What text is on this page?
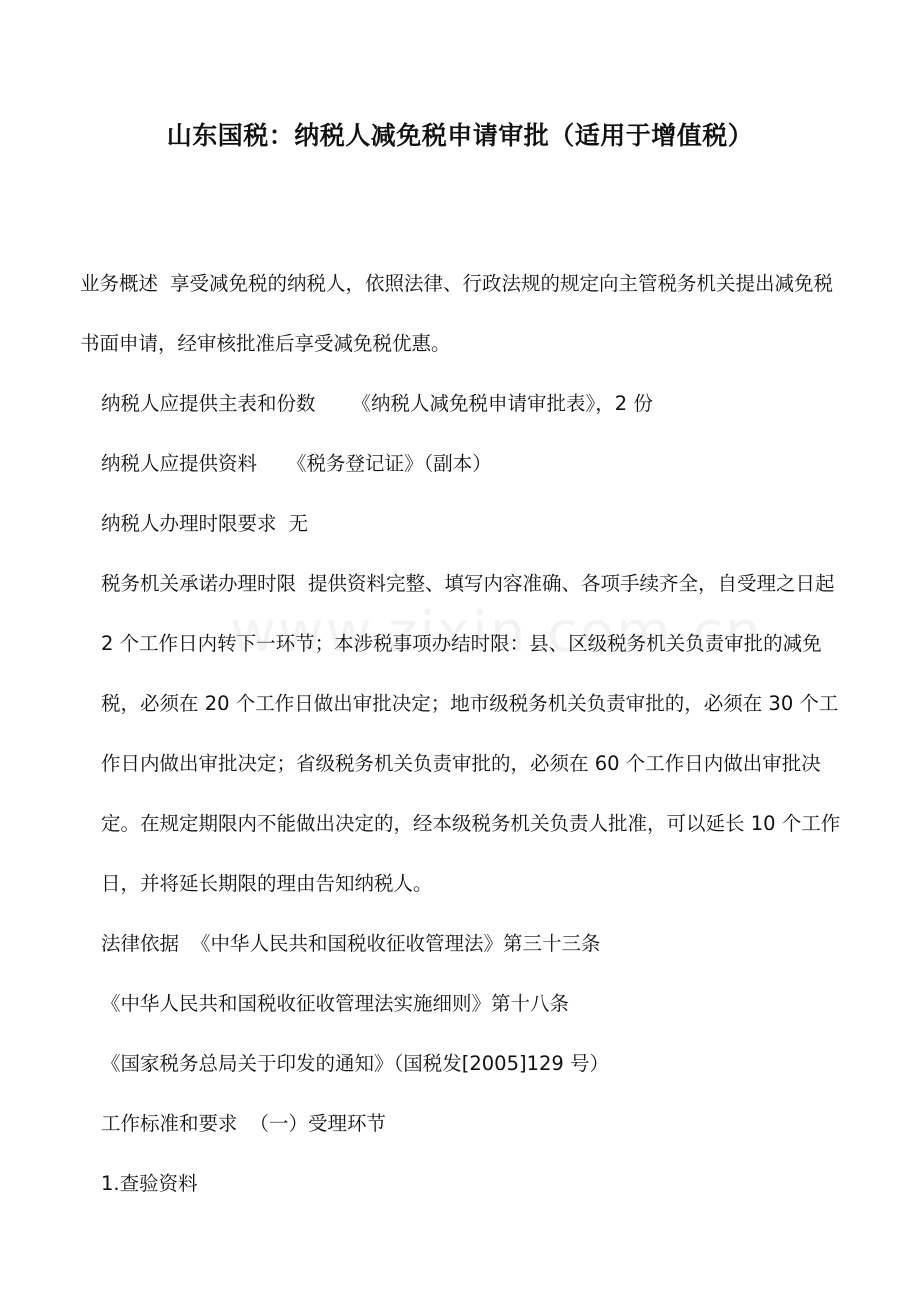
山东国税：纳税人减免税申请审批（适用于增值税）

业务概述 享受减免税的纳税人，依照法律、行政法规的规定向主管税务机关提出减免税书面申请，经审核批准后享受减免税优惠。

纳税人应提供主表和份数 《纳税人减免税申请审批表》，2 份

纳税人应提供资料 《税务登记证》（副本）

纳税人办理时限要求 无

税务机关承诺办理时限 提供资料完整、填写内容准确、各项手续齐全，自受理之日起 2 个工作日内转下一环节；本涉税事项办结时限：县、区级税务机关负责审批的减免税，必须在 20 个工作日做出审批决定；地市级税务机关负责审批的，必须在 30 个工作日内做出审批决定；省级税务机关负责审批的，必须在 60 个工作日内做出审批决定。在规定期限内不能做出决定的，经本级税务机关负责人批准，可以延长 10 个工作日，并将延长期限的理由告知纳税人。

法律依据 《中华人民共和国税收征收管理法》第三十三条

《中华人民共和国税收征收管理法实施细则》第十八条

《国家税务总局关于印发的通知》（国税发[2005]129 号）

工作标准和要求 （一）受理环节

1.查验资料
